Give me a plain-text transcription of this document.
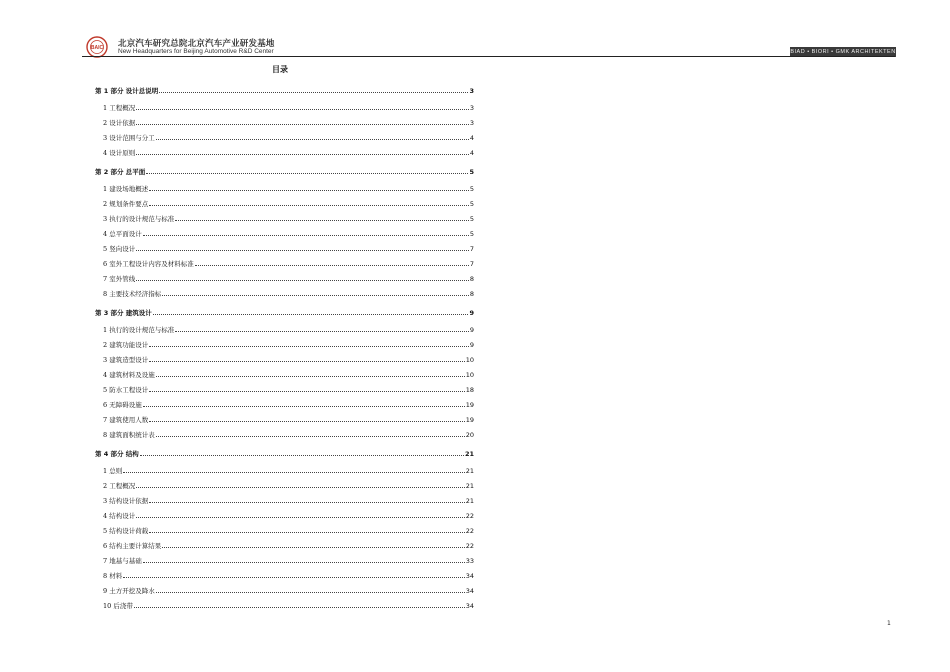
BAIC 北京汽车研究总院北京汽车产业研发基地
New Headquarters for Beijing Automotive R&D Center	BIAD • BIORI • GMK ARCHITEKTEN
目录
第 1 部分 设计总说明	3
1 工程概况	3
2 设计依据	3
3 设计范围与分工	4
4 设计原则	4
第 2 部分 总平面	5
1 建设场地概述	5
2 规划条件要点	5
3 执行的设计规范与标准	5
4 总平面设计	5
5 竖向设计	7
6 室外工程设计内容及材料标准	7
7 室外管线	8
8 主要技术经济指标	8
第 3 部分 建筑设计	9
1 执行的设计规范与标准	9
2 建筑功能设计	9
3 建筑造型设计	10
4 建筑材料及设施	10
5 防水工程设计	18
6 无障碍设施	19
7 建筑使用人数	19
8 建筑面积统计表	20
第 4 部分 结构	21
1 总则	21
2 工程概况	21
3 结构设计依据	21
4 结构设计	22
5 结构设计荷载	22
6 结构主要计算结果	22
7 地基与基础	33
8 材料	34
9 土方开挖及降水	34
10 后浇带	34
1
